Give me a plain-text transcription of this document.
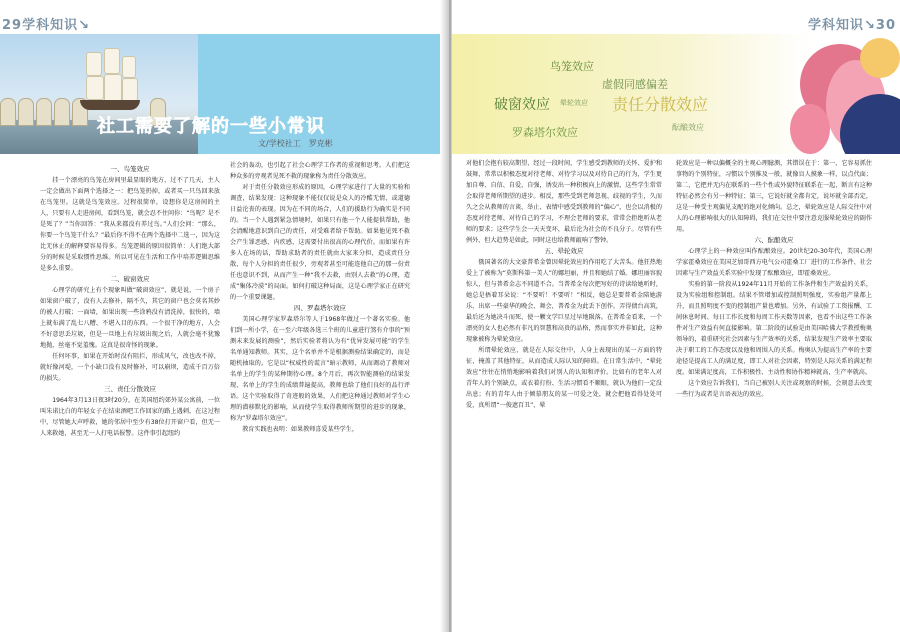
29学科知识↘
社工需要了解的一些小常识
文/学校社工　罗克彬
一、鸟笼效应

挂一个漂亮的鸟笼在房间里最显眼的地方，过不了几天，主人一定会做出下面两个选择之一：把鸟笼扔掉，或者买一只鸟回来放在鸟笼里。这就是鸟笼效应。过程很简单，设想你是这房间的主人，只要有人走进房间，看到鸟笼，就会忍不住问你：“鸟呢？是不是死了？”当你回答：“我从来都没有养过鸟。”人们会问：“那么，你要一个鸟笼干什么？”最后你不得不在两个选择中二选一，因为这比无休止的解释要容易得多。鸟笼逻辑的原因很简单：人们绝大部分的时候是采取惯性思维。所以可见在生活和工作中培养逻辑思维是多么重要。

二、破窗效应

心理学的研究上有个现象叫做“破窗效应”，就是说，一个房子如果窗户破了，没有人去修补，隔不久，其它的窗户也会莫名其妙的被人打破；一面墙，如果出现一些涂鸦没有清洗掉，很快的，墙上就布满了乱七八糟、不堪入目的东西。一个很干净的地方，人会不好意思丢垃圾，但是一旦地上有垃圾出现之后，人就会毫不犹豫地抛，丝毫不觉羞愧。这真是很奇怪的现象。

任何坏事，如果在开始时没有阻拦，形成风气，改也改不掉，就好像河堤，一个小缺口没有及时修补，可以崩坝，造成千百万倍的损失。

三、责任分散效应

1964年3月13日夜3时20分，在美国纽约郊外某公寓前，一位叫朱诺比白的年轻女子在结束酒吧工作回家的路上遇刺。在这过程中，尽管她大声呼救，她的邻居中至少有38位打开窗户看，但无一人来救她，甚至无一人打电话报警。这件事引起纽约

社会的轰动，也引起了社会心理学工作者的重视和思考。人们把这种众多的旁观者见死不救的现象称为责任分散效应。

对于责任分散效应形成的原因，心理学家进行了大量的实验和调查，结果发现：这种现象不能仅仅说是众人的冷酷无情，或道德日益沦丧的表现。因为在不同的场合，人们的援助行为确实是不同的。当一个人遇到紧急情境时，如果只有他一个人能提供帮助，他会清醒地意识到自己的责任，对受难者给予帮助。如果他见死不救会产生罪恶感、内疚感，这需要付出很高的心理代价。而如果有许多人在场的话，帮助求助者的责任就由大家来分担，造成责任分散，每个人分担的责任很少，旁观者甚至可能连他自己的那一份责任也意识不到，从而产生一种“我不去救，由别人去救”的心理，造成“集体冷漠”的局面。如何打破这种局面，这是心理学家正在研究的一个重要课题。

四、罗森塔尔效应

美国心理学家罗森塔尔等人于1968年做过一个著名实验。他们到一所小学，在一至六年级各选三个班的儿童进行煞有介事的“预测未来发展的测验”，然后实验者将认为有“优异发展可能”的学生名单通知教师。其实，这个名单并不是根据测验结果确定的，而是随机抽取的。它是以“权威性的谎言”暗示教师，从而调动了教师对名单上的学生的某种期待心理。8个月后，再次智能测验的结果发现，名单上的学生的成绩普遍提高，教师也给了他们良好的品行评语。这个实验取得了奇迹般的效果，人们把这种通过教师对学生心理的潜移默化的影响，从而使学生取得教师所期望的进步的现象，称为“罗森塔尔效应”。

教育实践也表明：如果教师喜爱某些学生，

学科知识↘30
鸟笼效应
虚假同感偏差
破窗效应 晕轮效应 责任分散效应
罗森塔尔效应	酝酿效应

对他们会抱有较高期望，经过一段时间，学生感受到教师的关怀、爱护和鼓舞，常常以积极态度对待老师、对待学习以及对待自己的行为，学生更加自尊、自信、自爱、自强，诱发出一种积极向上的激情，这些学生常常会取得老师所期望的进步。相反，那些受到老师忽视、歧视的学生，久而久之会从教师的言谈、举止、表情中感受到教师的“偏心”，也会以消极的态度对待老师、对待自己的学习，不理会老师的要求，常常会拒绝听从老师的要求；这些学生会一天天变坏，最后沦为社会的不良分子。尽管有些例外，但大趋势是如此，同时这也给教师敲响了警钟。

五、晕轮效应

俄国著名的大文豪普希金曾因晕轮效应的作用吃了大苦头。他狂热地爱上了被称为“莫斯科第一美人”的娜坦丽，并且和她结了婚。娜坦丽容貌惊人，但与普希金志不同道不合。当普希金每次把写好的诗读给她听时，她总是捂着耳朵说：“不要听！不要听！”相反，她总是要普希金陪她游乐，出席一些豪华的晚会、舞会，普希金为此丢下创作，弄得债台高筑，最后还为她决斗而死，使一颗文学巨星过早地陨落。在普希金看来，一个漂亮的女人也必然有非凡的智慧和高贵的品格，然而事实并非如此，这种现象被称为晕轮效应。

所谓晕轮效应，就是在人际交往中，人身上表现出的某一方面的特征，掩盖了其他特征，从而造成人际认知的障碍。在日常生活中，“晕轮效应”往往在悄悄地影响着我们对别人的认知和评价。比如有的老年人对青年人的个别缺点，或衣着打扮、生活习惯看不顺眼，就认为他们一定没出息；有的青年人由于倾慕朋友的某一可爱之处，就会把他看得处处可爱，真所谓“一俊遮百丑”，晕

轮效应是一种以偏概全的主观心理臆测，其错误在于：第一，它容易抓住事物的个别特征，习惯以个别推及一般，就像盲人摸象一样，以点代面；第二，它把并无内在联系的一些个性或外貌特征联系在一起，断言有这种特征必然会有另一种特征；第三，它说好就全都肯定，说坏就全部否定，这是一种受主观偏见支配的绝对化倾向。总之，晕轮效应是人际交往中对人的心理影响很大的认知障碍，我们在交往中要注意克服晕轮效应的副作用。

六、酝酿效应

心理学上的一种效应叫作酝酿效应。20世纪20-30年代，美国心理学家霍桑效应在美国芝加哥西方电气公司霍桑工厂进行的工作条件、社会因素与生产效益关系实验中发现了酝酿效应，即霍桑效应。

实验的第一阶段从1924年11月开始的工作条件和生产效益的关系，设为实验组和控制组。结果不管增加或控制照明强度，实验组产量都上升，而且照明度不变的控制组产量也增加。另外，有试验了工资报酬、工间休息时间、每日工作长度和每周工作天数等因素，也看不出这些工作条件对生产效益有何直接影响。第二阶段的试验是由美国哈佛大学教授梅奥领导的，着重研究社会因素与生产效率的关系，结果发现生产效率主要取决于职工的工作态度以及他和周围人的关系。梅奥认为提高生产率的主要途径是提高工人的满足度，即工人对社会因素，特别是人际关系的满足程度。如果满足度高，工作积极性、主动性和协作精神就高，生产率就高。

这个效应告诉我们，当自己被别人关注或观察的时候，会刻意去改变一些行为或者是言语表达的效应。
